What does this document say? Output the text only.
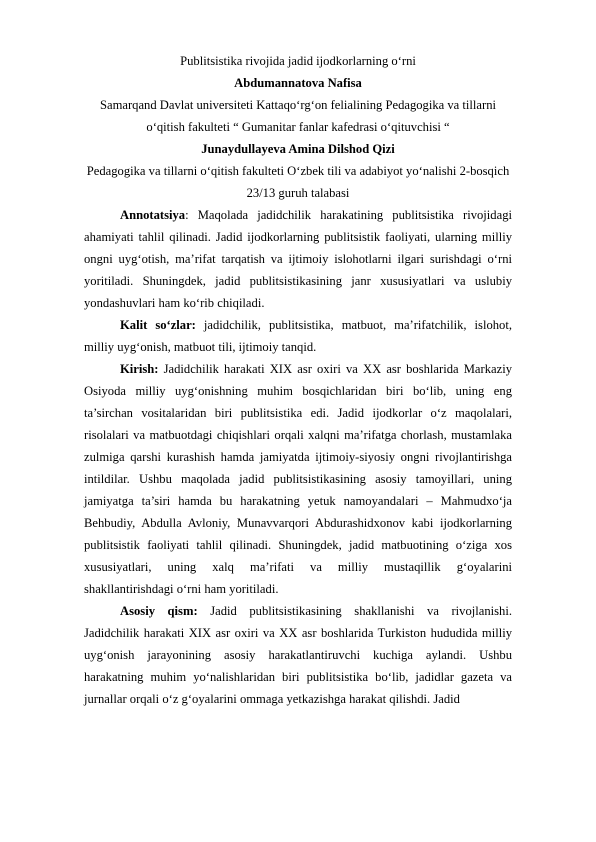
Publitsistika rivojida jadid ijodkorlarning o‘rni

Abdumannatova Nafisa

Samarqand Davlat universiteti Kattaqo‘rg‘on felialining Pedagogika va tillarni o‘qitish fakulteti “ Gumanitar fanlar kafedrasi o‘qituvchisi “

Junaydullayeva Amina Dilshod Qizi

Pedagogika va tillarni o‘qitish fakulteti O‘zbek tili va adabiyot yo‘nalishi 2-bosqich 23/13 guruh talabasi

Annotatsiya: Maqolada jadidchilik harakatining publitsistika rivojidagi ahamiyati tahlil qilinadi. Jadid ijodkorlarning publitsistik faoliyati, ularning milliy ongni uyg‘otish, ma’rifat tarqatish va ijtimoiy islohotlarni ilgari surishdagi o‘rni yoritiladi. Shuningdek, jadid publitsistikasining janr xususiyatlari va uslubiy yondashuvlari ham ko‘rib chiqiladi.

Kalit so‘zlar: jadidchilik, publitsistika, matbuot, ma’rifatchilik, islohot, milliy uyg‘onish, matbuot tili, ijtimoiy tanqid.

Kirish: Jadidchilik harakati XIX asr oxiri va XX asr boshlarida Markaziy Osiyoda milliy uyg‘onishning muhim bosqichlaridan biri bo‘lib, uning eng ta’sirchan vositalaridan biri publitsistika edi. Jadid ijodkorlar o‘z maqolalari, risolalari va matbuotdagi chiqishlari orqali xalqni ma’rifatga chorlash, mustamlaka zulmiga qarshi kurashish hamda jamiyatda ijtimoiy-siyosiy ongni rivojlantirishga intildilar. Ushbu maqolada jadid publitsistikasining asosiy tamoyillari, uning jamiyatga ta’siri hamda bu harakatning yetuk namoyandalari – Mahmudxo‘ja Behbudiy, Abdulla Avloniy, Munavvarqori Abdurashidxonov kabi ijodkorlarning publitsistik faoliyati tahlil qilinadi. Shuningdek, jadid matbuotining o‘ziga xos xususiyatlari, uning xalq ma’rifati va milliy mustaqillik g‘oyalarini shakllantirishdagi o‘rni ham yoritiladi.

Asosiy qism: Jadid publitsistikasining shakllanishi va rivojlanishi. Jadidchilik harakati XIX asr oxiri va XX asr boshlarida Turkiston hududida milliy uyg‘onish jarayonining asosiy harakatlantiruvchi kuchiga aylandi. Ushbu harakatning muhim yo‘nalishlaridan biri publitsistika bo‘lib, jadidlar gazeta va jurnallar orqali o‘z g‘oyalarini ommaga yetkazishga harakat qilishdi. Jadid
